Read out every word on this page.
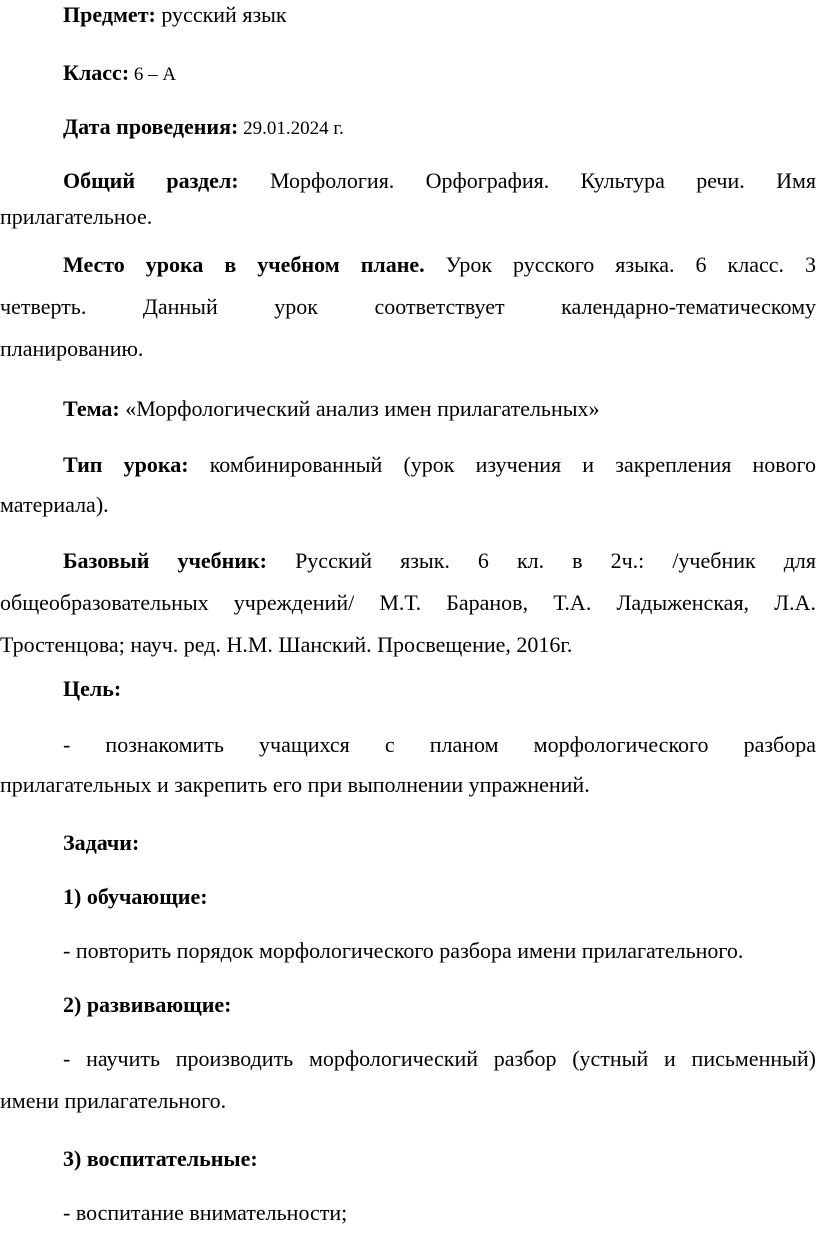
Предмет: русский язык

Класс: 6 – А

Дата проведения: 29.01.2024 г.

Общий раздел: Морфология. Орфография. Культура речи. Имя

прилагательное.

Место урока в учебном плане. Урок русского языка. 6 класс. 3

четверть. Данный урок соответствует календарно-тематическому

планированию.

Тема: «Морфологический анализ имен прилагательных»

Тип урока: комбинированный (урок изучения и закрепления нового

материала).

Базовый учебник: Русский язык. 6 кл. в 2ч.: /учебник для

общеобразовательных учреждений/ М.Т. Баранов, Т.А. Ладыженская, Л.А.

Тростенцова; науч. ред. Н.М. Шанский. Просвещение, 2016г.

Цель:

- познакомить учащихся с планом морфологического разбора

прилагательных и закрепить его при выполнении упражнений.

Задачи:

1) обучающие:

- повторить порядок морфологического разбора имени прилагательного.

2) развивающие:

- научить производить морфологический разбор (устный и письменный)

имени прилагательного.

3) воспитательные:

- воспитание внимательности;
